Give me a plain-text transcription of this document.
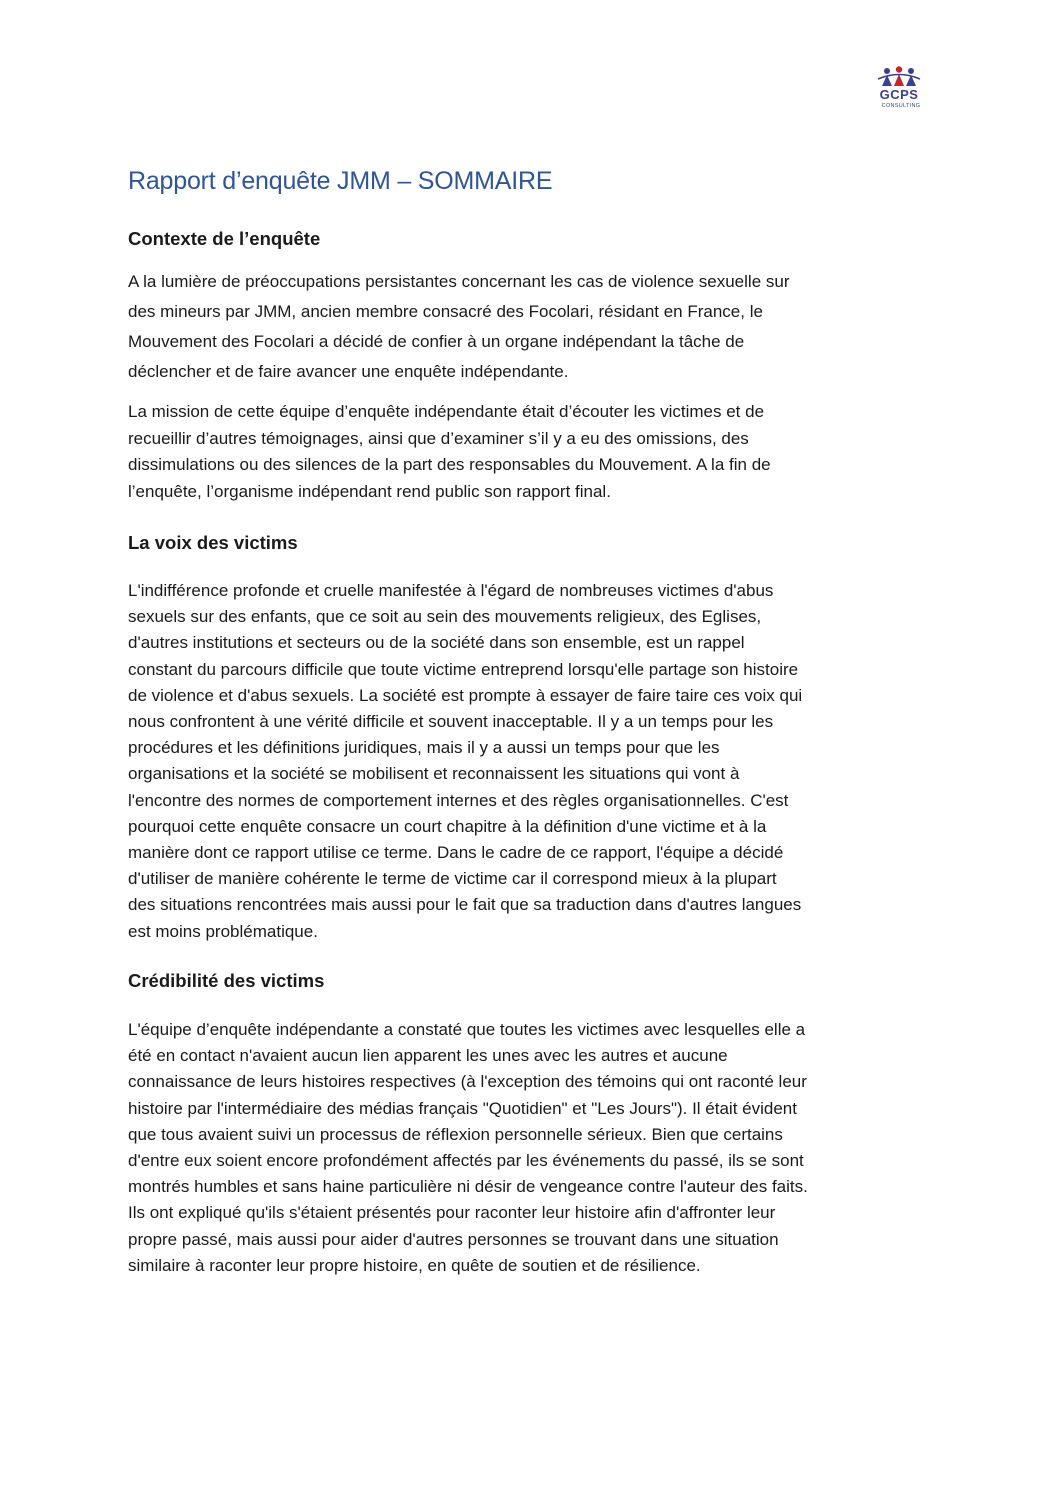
GCPS
CONSULTING
Rapport d’enquête JMM – SOMMAIRE
Contexte de l’enquête
A la lumière de préoccupations persistantes concernant les cas de violence sexuelle sur
des mineurs par JMM, ancien membre consacré des Focolari, résidant en France, le
Mouvement des Focolari a décidé de confier à un organe indépendant la tâche de
déclencher et de faire avancer une enquête indépendante.
La mission de cette équipe d’enquête indépendante était d’écouter les victimes et de
recueillir d’autres témoignages, ainsi que d’examiner s’il y a eu des omissions, des
dissimulations ou des silences de la part des responsables du Mouvement. A la fin de
l’enquête, l’organisme indépendant rend public son rapport final.
La voix des victims
L'indifférence profonde et cruelle manifestée à l'égard de nombreuses victimes d'abus
sexuels sur des enfants, que ce soit au sein des mouvements religieux, des Eglises,
d'autres institutions et secteurs ou de la société dans son ensemble, est un rappel
constant du parcours difficile que toute victime entreprend lorsqu'elle partage son histoire
de violence et d'abus sexuels. La société est prompte à essayer de faire taire ces voix qui
nous confrontent à une vérité difficile et souvent inacceptable. Il y a un temps pour les
procédures et les définitions juridiques, mais il y a aussi un temps pour que les
organisations et la société se mobilisent et reconnaissent les situations qui vont à
l'encontre des normes de comportement internes et des règles organisationnelles. C'est
pourquoi cette enquête consacre un court chapitre à la définition d'une victime et à la
manière dont ce rapport utilise ce terme. Dans le cadre de ce rapport, l'équipe a décidé
d'utiliser de manière cohérente le terme de victime car il correspond mieux à la plupart
des situations rencontrées mais aussi pour le fait que sa traduction dans d'autres langues
est moins problématique.
Crédibilité des victims
L'équipe d’enquête indépendante a constaté que toutes les victimes avec lesquelles elle a
été en contact n'avaient aucun lien apparent les unes avec les autres et aucune
connaissance de leurs histoires respectives (à l'exception des témoins qui ont raconté leur
histoire par l'intermédiaire des médias français "Quotidien" et "Les Jours"). Il était évident
que tous avaient suivi un processus de réflexion personnelle sérieux. Bien que certains
d'entre eux soient encore profondément affectés par les événements du passé, ils se sont
montrés humbles et sans haine particulière ni désir de vengeance contre l'auteur des faits.
Ils ont expliqué qu'ils s'étaient présentés pour raconter leur histoire afin d'affronter leur
propre passé, mais aussi pour aider d'autres personnes se trouvant dans une situation
similaire à raconter leur propre histoire, en quête de soutien et de résilience.
